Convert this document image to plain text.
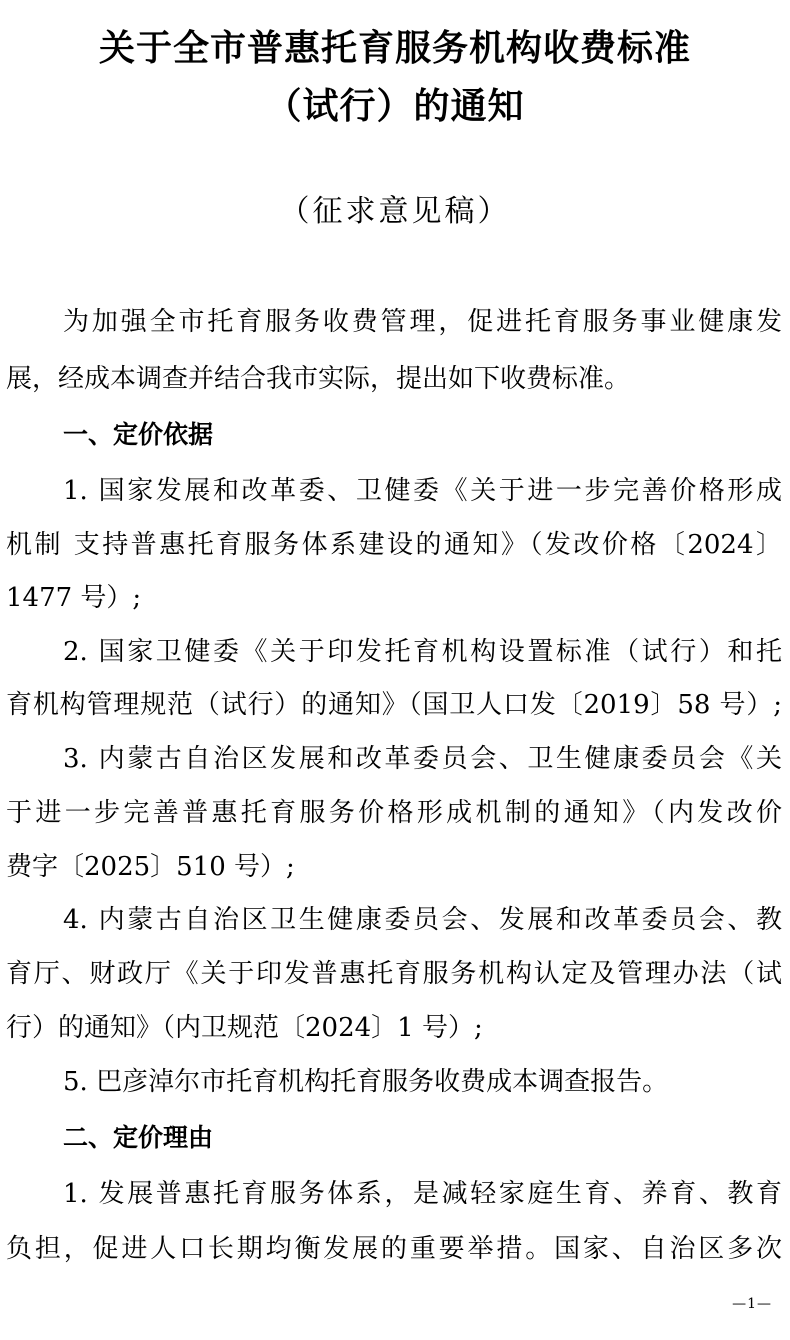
关于全市普惠托育服务机构收费标准
（试行）的通知
（征求意见稿）
为加强全市托育服务收费管理，促进托育服务事业健康发
展，经成本调查并结合我市实际，提出如下收费标准。
一、定价依据
1. 国家发展和改革委、卫健委《关于进一步完善价格形成
机制 支持普惠托育服务体系建设的通知》（发改价格〔2024〕
1477 号）;
2. 国家卫健委《关于印发托育机构设置标准（试行）和托
育机构管理规范（试行）的通知》（国卫人口发〔2019〕58 号）;
3. 内蒙古自治区发展和改革委员会、卫生健康委员会《关
于进一步完善普惠托育服务价格形成机制的通知》（内发改价
费字〔2025〕510 号）;
4. 内蒙古自治区卫生健康委员会、发展和改革委员会、教
育厅、财政厅《关于印发普惠托育服务机构认定及管理办法（试
行）的通知》（内卫规范〔2024〕1 号）;
5. 巴彦淖尔市托育机构托育服务收费成本调查报告。
二、定价理由
1. 发展普惠托育服务体系，是减轻家庭生育、养育、教育
负担，促进人口长期均衡发展的重要举措。国家、自治区多次
—1—
